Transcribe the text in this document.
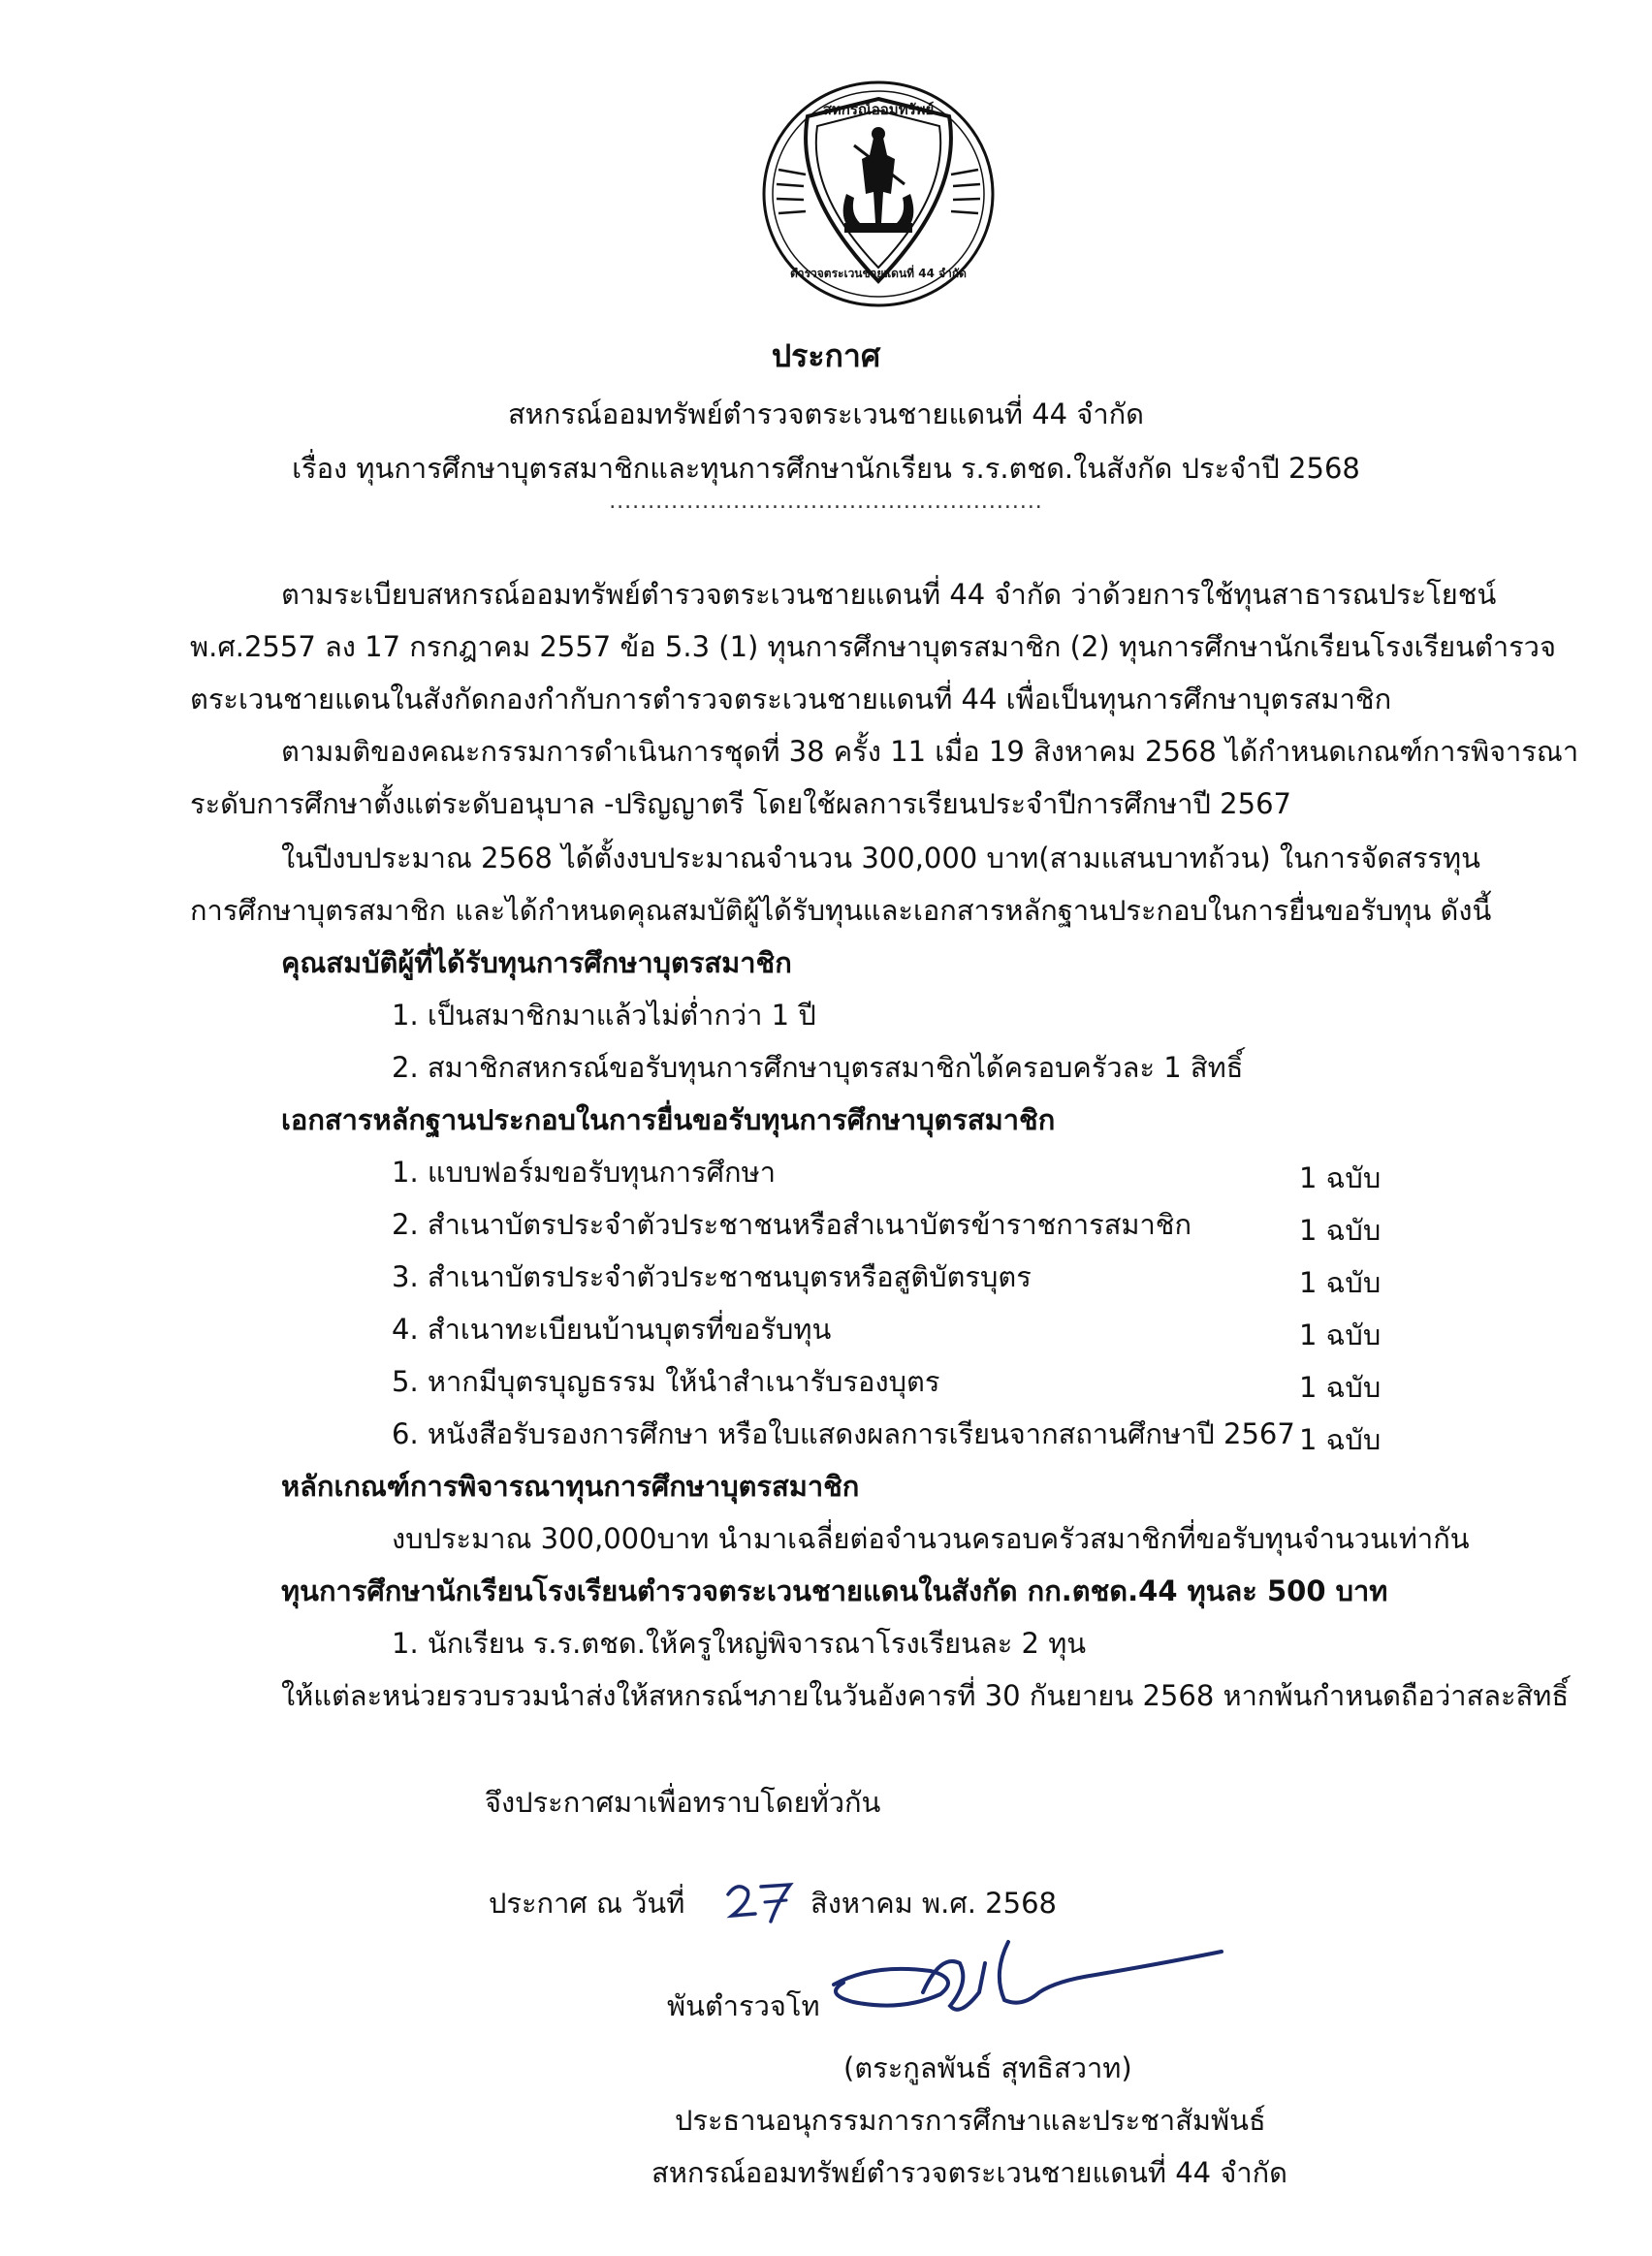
สหกรณ์ออมทรัพย์
ตำรวจตระเวนชายแดนที่ 44 จำกัด
ประกาศ
สหกรณ์ออมทรัพย์ตำรวจตระเวนชายแดนที่ 44 จำกัด
เรื่อง ทุนการศึกษาบุตรสมาชิกและทุนการศึกษานักเรียน ร.ร.ตชด.ในสังกัด ประจำปี 2568
........................................................
ตามระเบียบสหกรณ์ออมทรัพย์ตำรวจตระเวนชายแดนที่ 44 จำกัด ว่าด้วยการใช้ทุนสาธารณประโยชน์
พ.ศ.2557 ลง 17 กรกฎาคม 2557 ข้อ 5.3 (1) ทุนการศึกษาบุตรสมาชิก (2) ทุนการศึกษานักเรียนโรงเรียนตำรวจ
ตระเวนชายแดนในสังกัดกองกำกับการตำรวจตระเวนชายแดนที่ 44 เพื่อเป็นทุนการศึกษาบุตรสมาชิก
ตามมติของคณะกรรมการดำเนินการชุดที่ 38 ครั้ง 11 เมื่อ 19 สิงหาคม 2568 ได้กำหนดเกณฑ์การพิจารณา
ระดับการศึกษาตั้งแต่ระดับอนุบาล -ปริญญาตรี โดยใช้ผลการเรียนประจำปีการศึกษาปี 2567
ในปีงบประมาณ 2568 ได้ตั้งงบประมาณจำนวน 300,000 บาท(สามแสนบาทถ้วน) ในการจัดสรรทุน
การศึกษาบุตรสมาชิก และได้กำหนดคุณสมบัติผู้ได้รับทุนและเอกสารหลักฐานประกอบในการยื่นขอรับทุน ดังนี้
คุณสมบัติผู้ที่ได้รับทุนการศึกษาบุตรสมาชิก
1. เป็นสมาชิกมาแล้วไม่ต่ำกว่า 1 ปี
2. สมาชิกสหกรณ์ขอรับทุนการศึกษาบุตรสมาชิกได้ครอบครัวละ 1 สิทธิ์
เอกสารหลักฐานประกอบในการยื่นขอรับทุนการศึกษาบุตรสมาชิก
1. แบบฟอร์มขอรับทุนการศึกษา	1 ฉบับ
2. สำเนาบัตรประจำตัวประชาชนหรือสำเนาบัตรข้าราชการสมาชิก	1 ฉบับ
3. สำเนาบัตรประจำตัวประชาชนบุตรหรือสูติบัตรบุตร	1 ฉบับ
4. สำเนาทะเบียนบ้านบุตรที่ขอรับทุน	1 ฉบับ
5. หากมีบุตรบุญธรรม ให้นำสำเนารับรองบุตร	1 ฉบับ
6. หนังสือรับรองการศึกษา หรือใบแสดงผลการเรียนจากสถานศึกษาปี 2567 1 ฉบับ
หลักเกณฑ์การพิจารณาทุนการศึกษาบุตรสมาชิก
งบประมาณ 300,000บาท นำมาเฉลี่ยต่อจำนวนครอบครัวสมาชิกที่ขอรับทุนจำนวนเท่ากัน
ทุนการศึกษานักเรียนโรงเรียนตำรวจตระเวนชายแดนในสังกัด กก.ตชด.44 ทุนละ 500 บาท
1. นักเรียน ร.ร.ตชด.ให้ครูใหญ่พิจารณาโรงเรียนละ 2 ทุน
ให้แต่ละหน่วยรวบรวมนำส่งให้สหกรณ์ฯภายในวันอังคารที่ 30 กันยายน 2568 หากพ้นกำหนดถือว่าสละสิทธิ์
จึงประกาศมาเพื่อทราบโดยทั่วกัน
ประกาศ ณ วันที่	สิงหาคม พ.ศ. 2568
พันตำรวจโท
(ตระกูลพันธ์ สุทธิสวาท)
ประธานอนุกรรมการการศึกษาและประชาสัมพันธ์
สหกรณ์ออมทรัพย์ตำรวจตระเวนชายแดนที่ 44 จำกัด
